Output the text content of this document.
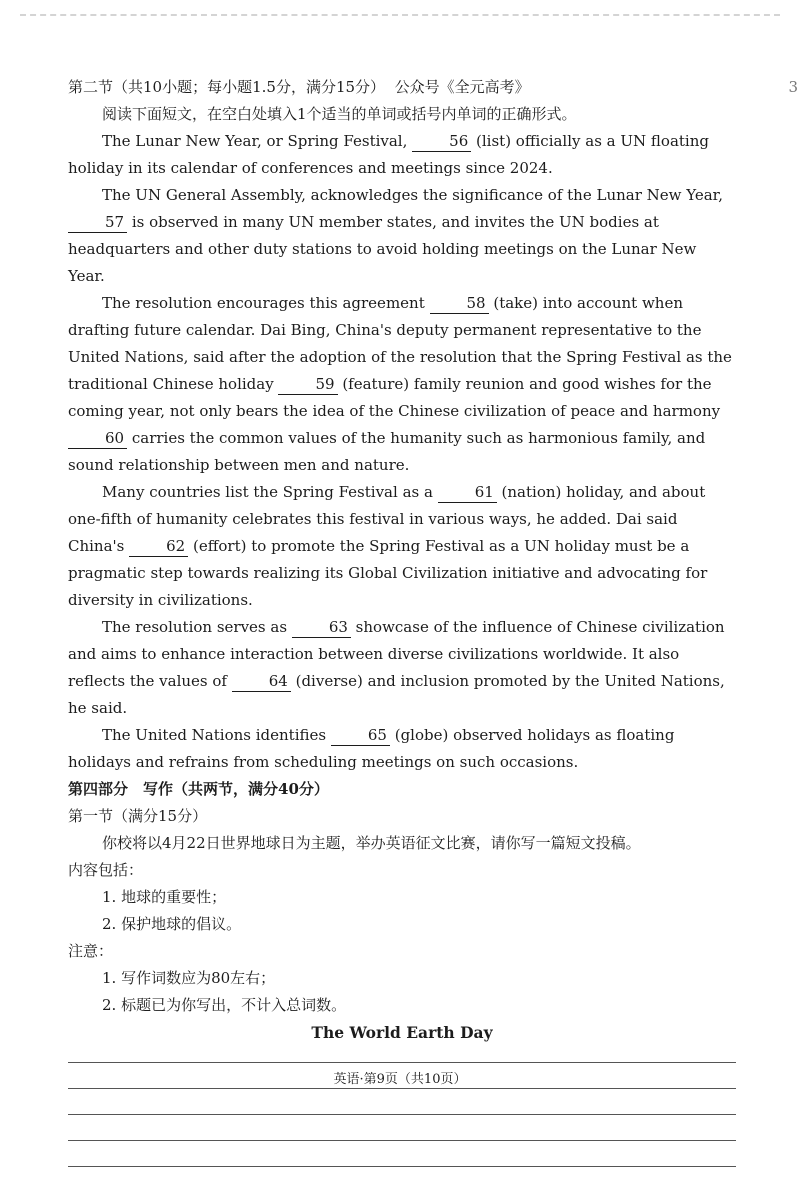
3

第二节（共10小题；每小题1.5分，满分15分） 公众号《全元高考》

阅读下面短文，在空白处填入1个适当的单词或括号内单词的正确形式。

The Lunar New Year, or Spring Festival, 56 (list) officially as a UN floating holiday in its calendar of conferences and meetings since 2024.

The UN General Assembly, acknowledges the significance of the Lunar New Year, 57 is observed in many UN member states, and invites the UN bodies at headquarters and other duty stations to avoid holding meetings on the Lunar New Year.

The resolution encourages this agreement 58 (take) into account when drafting future calendar. Dai Bing, China's deputy permanent representative to the United Nations, said after the adoption of the resolution that the Spring Festival as the traditional Chinese holiday 59 (feature) family reunion and good wishes for the coming year, not only bears the idea of the Chinese civilization of peace and harmony 60 carries the common values of the humanity such as harmonious family, and sound relationship between men and nature.

Many countries list the Spring Festival as a 61 (nation) holiday, and about one-fifth of humanity celebrates this festival in various ways, he added. Dai said China's 62 (effort) to promote the Spring Festival as a UN holiday must be a pragmatic step towards realizing its Global Civilization initiative and advocating for diversity in civilizations.

The resolution serves as 63 showcase of the influence of Chinese civilization and aims to enhance interaction between diverse civilizations worldwide. It also reflects the values of 64 (diverse) and inclusion promoted by the United Nations, he said.

The United Nations identifies 65 (globe) observed holidays as floating holidays and refrains from scheduling meetings on such occasions.

第四部分　写作（共两节，满分40分）

第一节（满分15分）

你校将以4月22日世界地球日为主题，举办英语征文比赛，请你写一篇短文投稿。

内容包括：

1. 地球的重要性；

2. 保护地球的倡议。

注意：

1. 写作词数应为80左右；

2. 标题已为你写出，不计入总词数。

The World Earth Day

英语·第9页（共10页）
